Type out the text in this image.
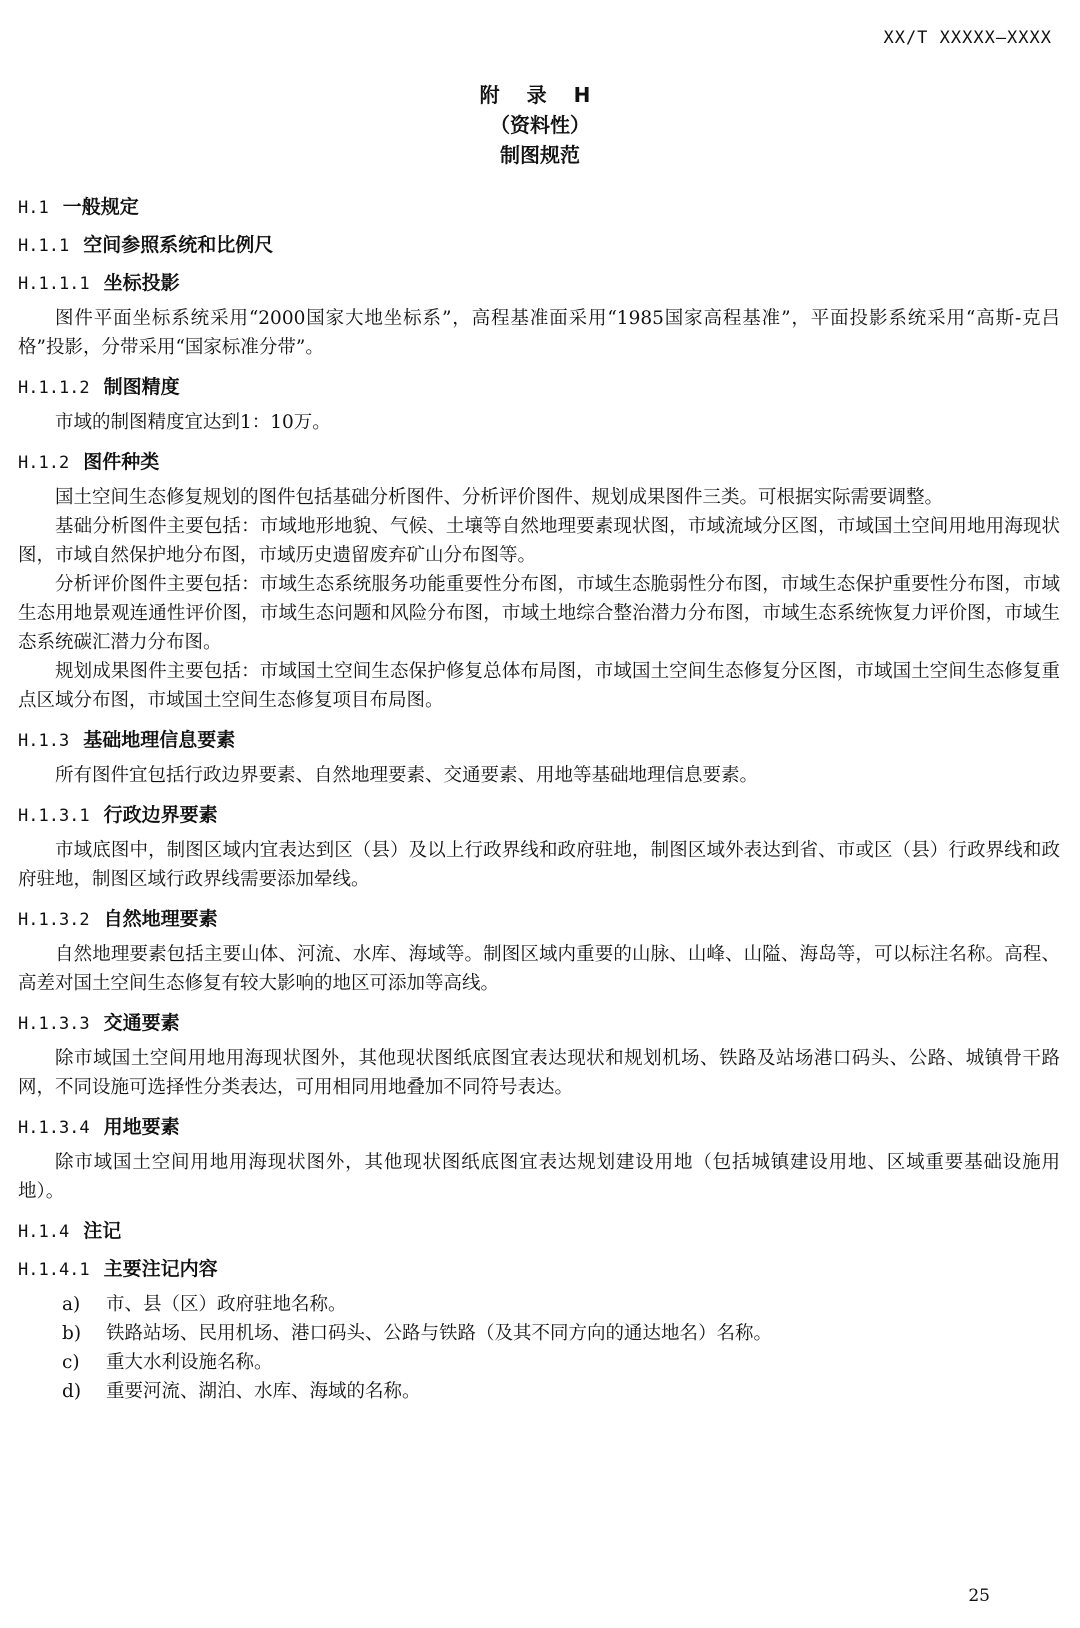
XX/T XXXXX—XXXX
附 录 H
（资料性）
制图规范
H.1 一般规定
H.1.1 空间参照系统和比例尺
H.1.1.1 坐标投影

图件平面坐标系统采用“2000国家大地坐标系”，高程基准面采用“1985国家高程基准”，平面投影系统采用“高斯-克吕格”投影，分带采用“国家标准分带”。

H.1.1.2 制图精度

市域的制图精度宜达到1：10万。

H.1.2 图件种类

国土空间生态修复规划的图件包括基础分析图件、分析评价图件、规划成果图件三类。可根据实际需要调整。

基础分析图件主要包括：市域地形地貌、气候、土壤等自然地理要素现状图，市域流域分区图，市域国土空间用地用海现状图，市域自然保护地分布图，市域历史遗留废弃矿山分布图等。

分析评价图件主要包括：市域生态系统服务功能重要性分布图，市域生态脆弱性分布图，市域生态保护重要性分布图，市域生态用地景观连通性评价图，市域生态问题和风险分布图，市域土地综合整治潜力分布图，市域生态系统恢复力评价图，市域生态系统碳汇潜力分布图。

规划成果图件主要包括：市域国土空间生态保护修复总体布局图，市域国土空间生态修复分区图，市域国土空间生态修复重点区域分布图，市域国土空间生态修复项目布局图。

H.1.3 基础地理信息要素

所有图件宜包括行政边界要素、自然地理要素、交通要素、用地等基础地理信息要素。

H.1.3.1 行政边界要素

市域底图中，制图区域内宜表达到区（县）及以上行政界线和政府驻地，制图区域外表达到省、市或区（县）行政界线和政府驻地，制图区域行政界线需要添加晕线。

H.1.3.2 自然地理要素

自然地理要素包括主要山体、河流、水库、海域等。制图区域内重要的山脉、山峰、山隘、海岛等，可以标注名称。高程、高差对国土空间生态修复有较大影响的地区可添加等高线。

H.1.3.3 交通要素

除市域国土空间用地用海现状图外，其他现状图纸底图宜表达现状和规划机场、铁路及站场港口码头、公路、城镇骨干路网，不同设施可选择性分类表达，可用相同用地叠加不同符号表达。

H.1.3.4 用地要素

除市域国土空间用地用海现状图外，其他现状图纸底图宜表达规划建设用地（包括城镇建设用地、区域重要基础设施用地）。

H.1.4 注记
H.1.4.1 主要注记内容
a)	市、县（区）政府驻地名称。
b)	铁路站场、民用机场、港口码头、公路与铁路（及其不同方向的通达地名）名称。
c)	重大水利设施名称。
d)	重要河流、湖泊、水库、海域的名称。
25
